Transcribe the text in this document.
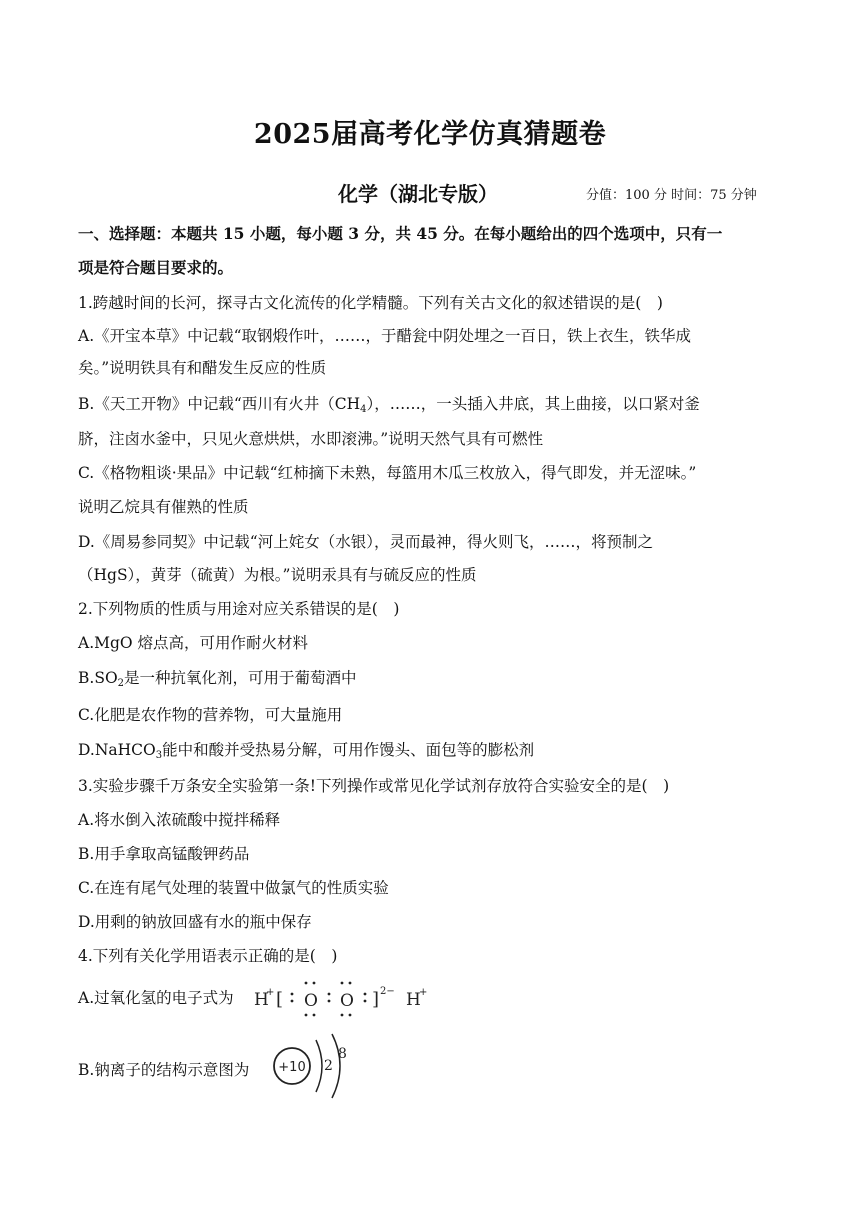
2025届高考化学仿真猜题卷
化学（湖北专版）	分值：100 分 时间：75 分钟
一、选择题：本题共 15 小题，每小题 3 分，共 45 分。在每小题给出的四个选项中，只有一
项是符合题目要求的。
1.跨越时间的长河，探寻古文化流传的化学精髓。下列有关古文化的叙述错误的是(　)
A.《开宝本草》中记载“取钢煅作叶，……，于醋瓮中阴处埋之一百日，铁上衣生，铁华成
矣。”说明铁具有和醋发生反应的性质
B.《天工开物》中记载“西川有火井$(CH_4)$，……，一头插入井底，其上曲接，以口紧对釜
脐，注卤水釜中，只见火意烘烘，水即滚沸。”说明天然气具有可燃性
C.《格物粗谈·果品》中记载“红柿摘下未熟，每篮用木瓜三枚放入，得气即发，并无涩味。”
说明乙烷具有催熟的性质
D.《周易参同契》中记载“河上姹女（水银），灵而最神，得火则飞，……，将预制之
（HgS），黄芽（硫黄）为根。”说明汞具有与硫反应的性质
2.下列物质的性质与用途对应关系错误的是(　)
A.MgO 熔点高，可用作耐火材料
$B.SO_2$是一种抗氧化剂，可用于葡萄酒中
C.化肥是农作物的营养物，可大量施用
D.NaHCO$_3$能中和酸并受热易分解，可用作馒头、面包等的膨松剂
3.实验步骤千万条安全实验第一条!下列操作或常见化学试剂存放符合实验安全的是(　)
A.将水倒入浓硫酸中搅拌稀释
B.用手拿取高锰酸钾药品
C.在连有尾气处理的装置中做氯气的性质实验
D.用剩的钠放回盛有水的瓶中保存
4.下列有关化学用语表示正确的是(　)
A.过氧化氢的电子式为 H
+ [ O O ] 2− H
+
B.钠离子的结构示意图为 +10 2
8
